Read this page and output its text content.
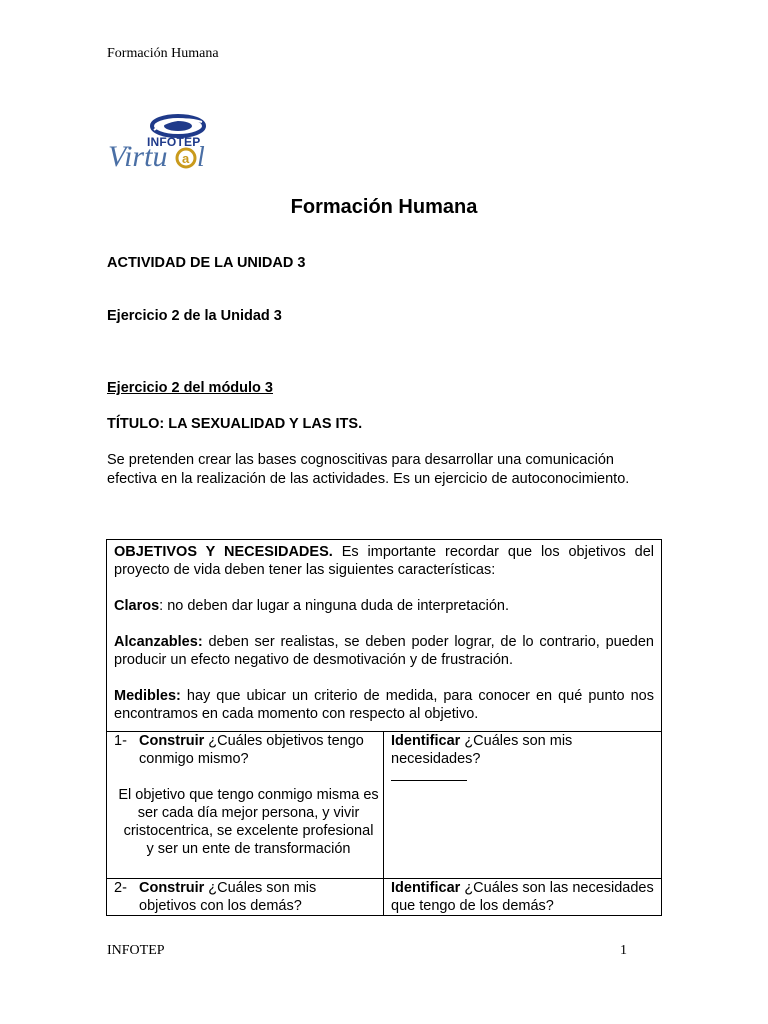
Formación Humana
Virtu a l
INFOTEP
Formación Humana
ACTIVIDAD DE LA UNIDAD 3
Ejercicio 2 de la Unidad 3
Ejercicio 2 del módulo 3
TÍTULO: LA SEXUALIDAD Y LAS ITS.
Se pretenden crear las bases cognoscitivas para desarrollar una comunicación efectiva en la realización de las actividades. Es un ejercicio de autoconocimiento.

OBJETIVOS Y NECESIDADES. Es importante recordar que los objetivos del proyecto de vida deben tener las siguientes características:

Claros: no deben dar lugar a ninguna duda de interpretación.

Alcanzables: deben ser realistas, se deben poder lograr, de lo contrario, pueden producir un efecto negativo de desmotivación y de frustración.

Medibles: hay que ubicar un criterio de medida, para conocer en qué punto nos encontramos en cada momento con respecto al objetivo.	

1- Construir ¿Cuáles objetivos tengo
conmigo mismo?
El objetivo que tengo conmigo misma es ser cada día mejor persona, y vivir cristocentrica, se excelente profesional y ser un ente de transformación	Identificar ¿Cuáles son mis necesidades?

2- Construir ¿Cuáles son mis
objetivos con los demás?	Identificar ¿Cuáles son las necesidades que tengo de los demás?
INFOTEP	1
